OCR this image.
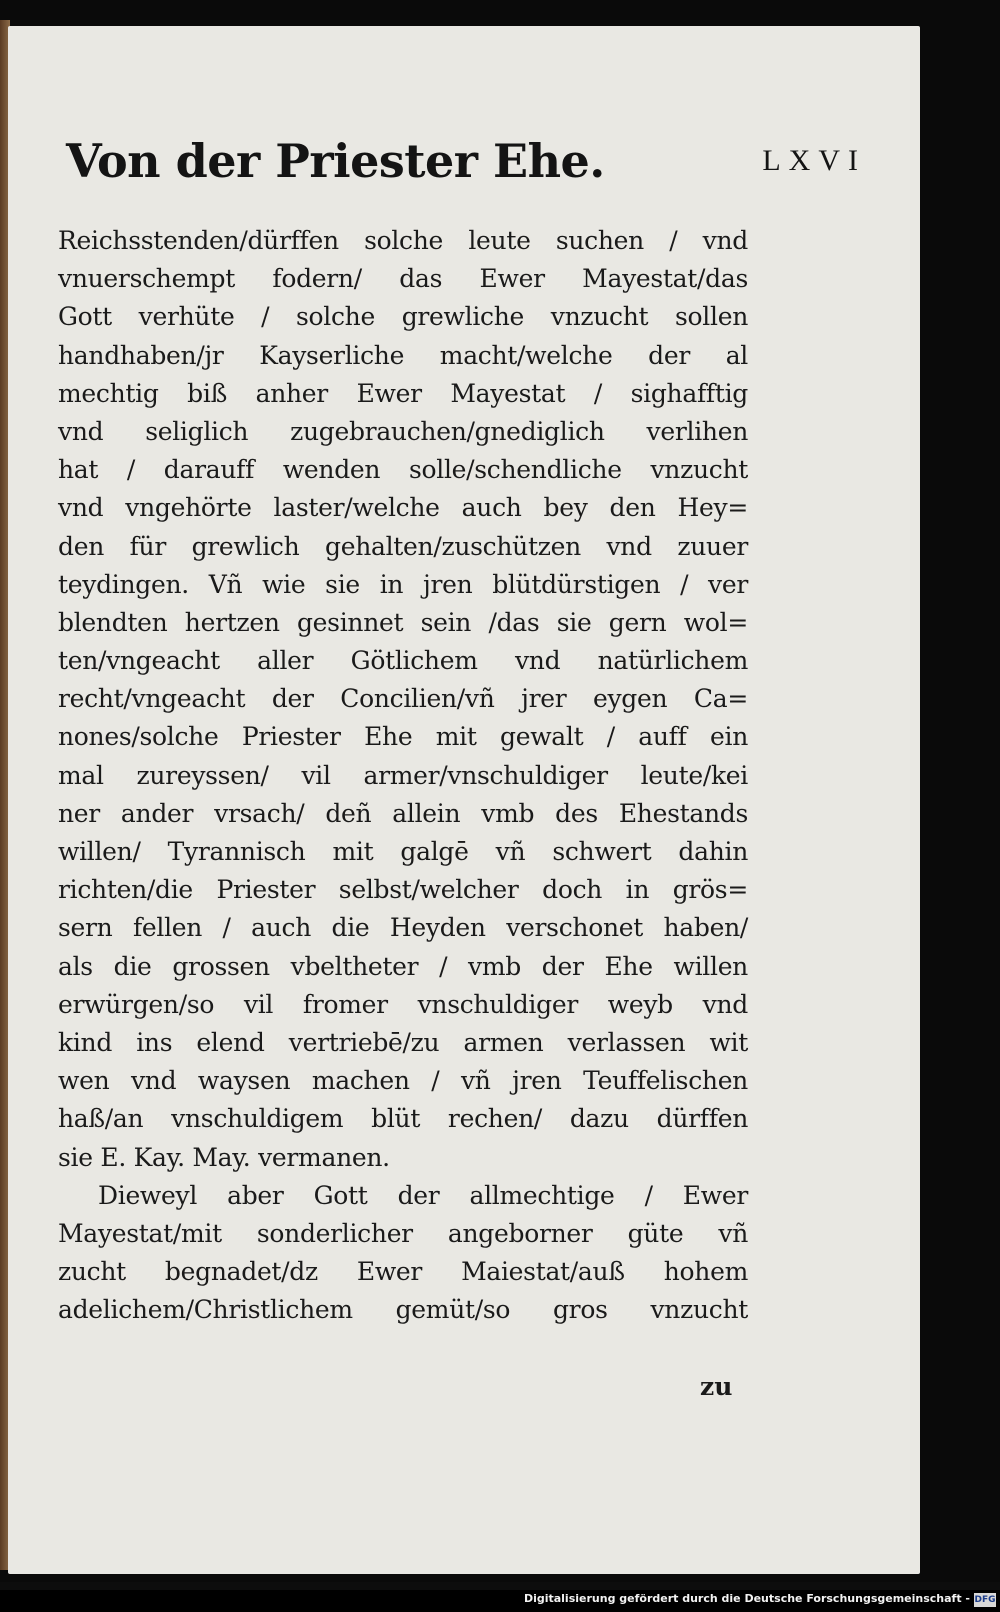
Von der Priester Ehe.	LXVI
Reichsstenden/dürffen solche leute suchen / vnd
vnuerschempt fodern/ das Ewer Mayestat/das
Gott verhüte / solche grewliche vnzucht sollen
handhaben/jr Kayserliche macht/welche der al
mechtig biß anher Ewer Mayestat / sighafftig
vnd seliglich zugebrauchen/gnediglich verlihen
hat / darauff wenden solle/schendliche vnzucht
vnd vngehörte laster/welche auch bey den Hey=
den für grewlich gehalten/zuschützen vnd zuuer
teydingen. Vñ wie sie in jren blütdürstigen / ver
blendten hertzen gesinnet sein /das sie gern wol=
ten/vngeacht aller Götlichem vnd natürlichem
recht/vngeacht der Concilien/vñ jrer eygen Ca=
nones/solche Priester Ehe mit gewalt / auff ein
mal zureyssen/ vil armer/vnschuldiger leute/kei
ner ander vrsach/ deñ allein vmb des Ehestands
willen/ Tyrannisch mit galgē vñ schwert dahin
richten/die Priester selbst/welcher doch in grös=
sern fellen / auch die Heyden verschonet haben/
als die grossen vbeltheter / vmb der Ehe willen
erwürgen/so vil fromer vnschuldiger weyb vnd
kind ins elend vertriebē/zu armen verlassen wit
wen vnd waysen machen / vñ jren Teuffelischen
haß/an vnschuldigem blüt rechen/ dazu dürffen
sie E. Kay. May. vermanen.
Dieweyl aber Gott der allmechtige / Ewer
Mayestat/mit sonderlicher angeborner güte vñ
zucht begnadet/dz Ewer Maiestat/auß hohem
adelichem/Christlichem gemüt/so gros vnzucht
zu
Digitalisierung gefördert durch die Deutsche Forschungsgemeinschaft - DFG
